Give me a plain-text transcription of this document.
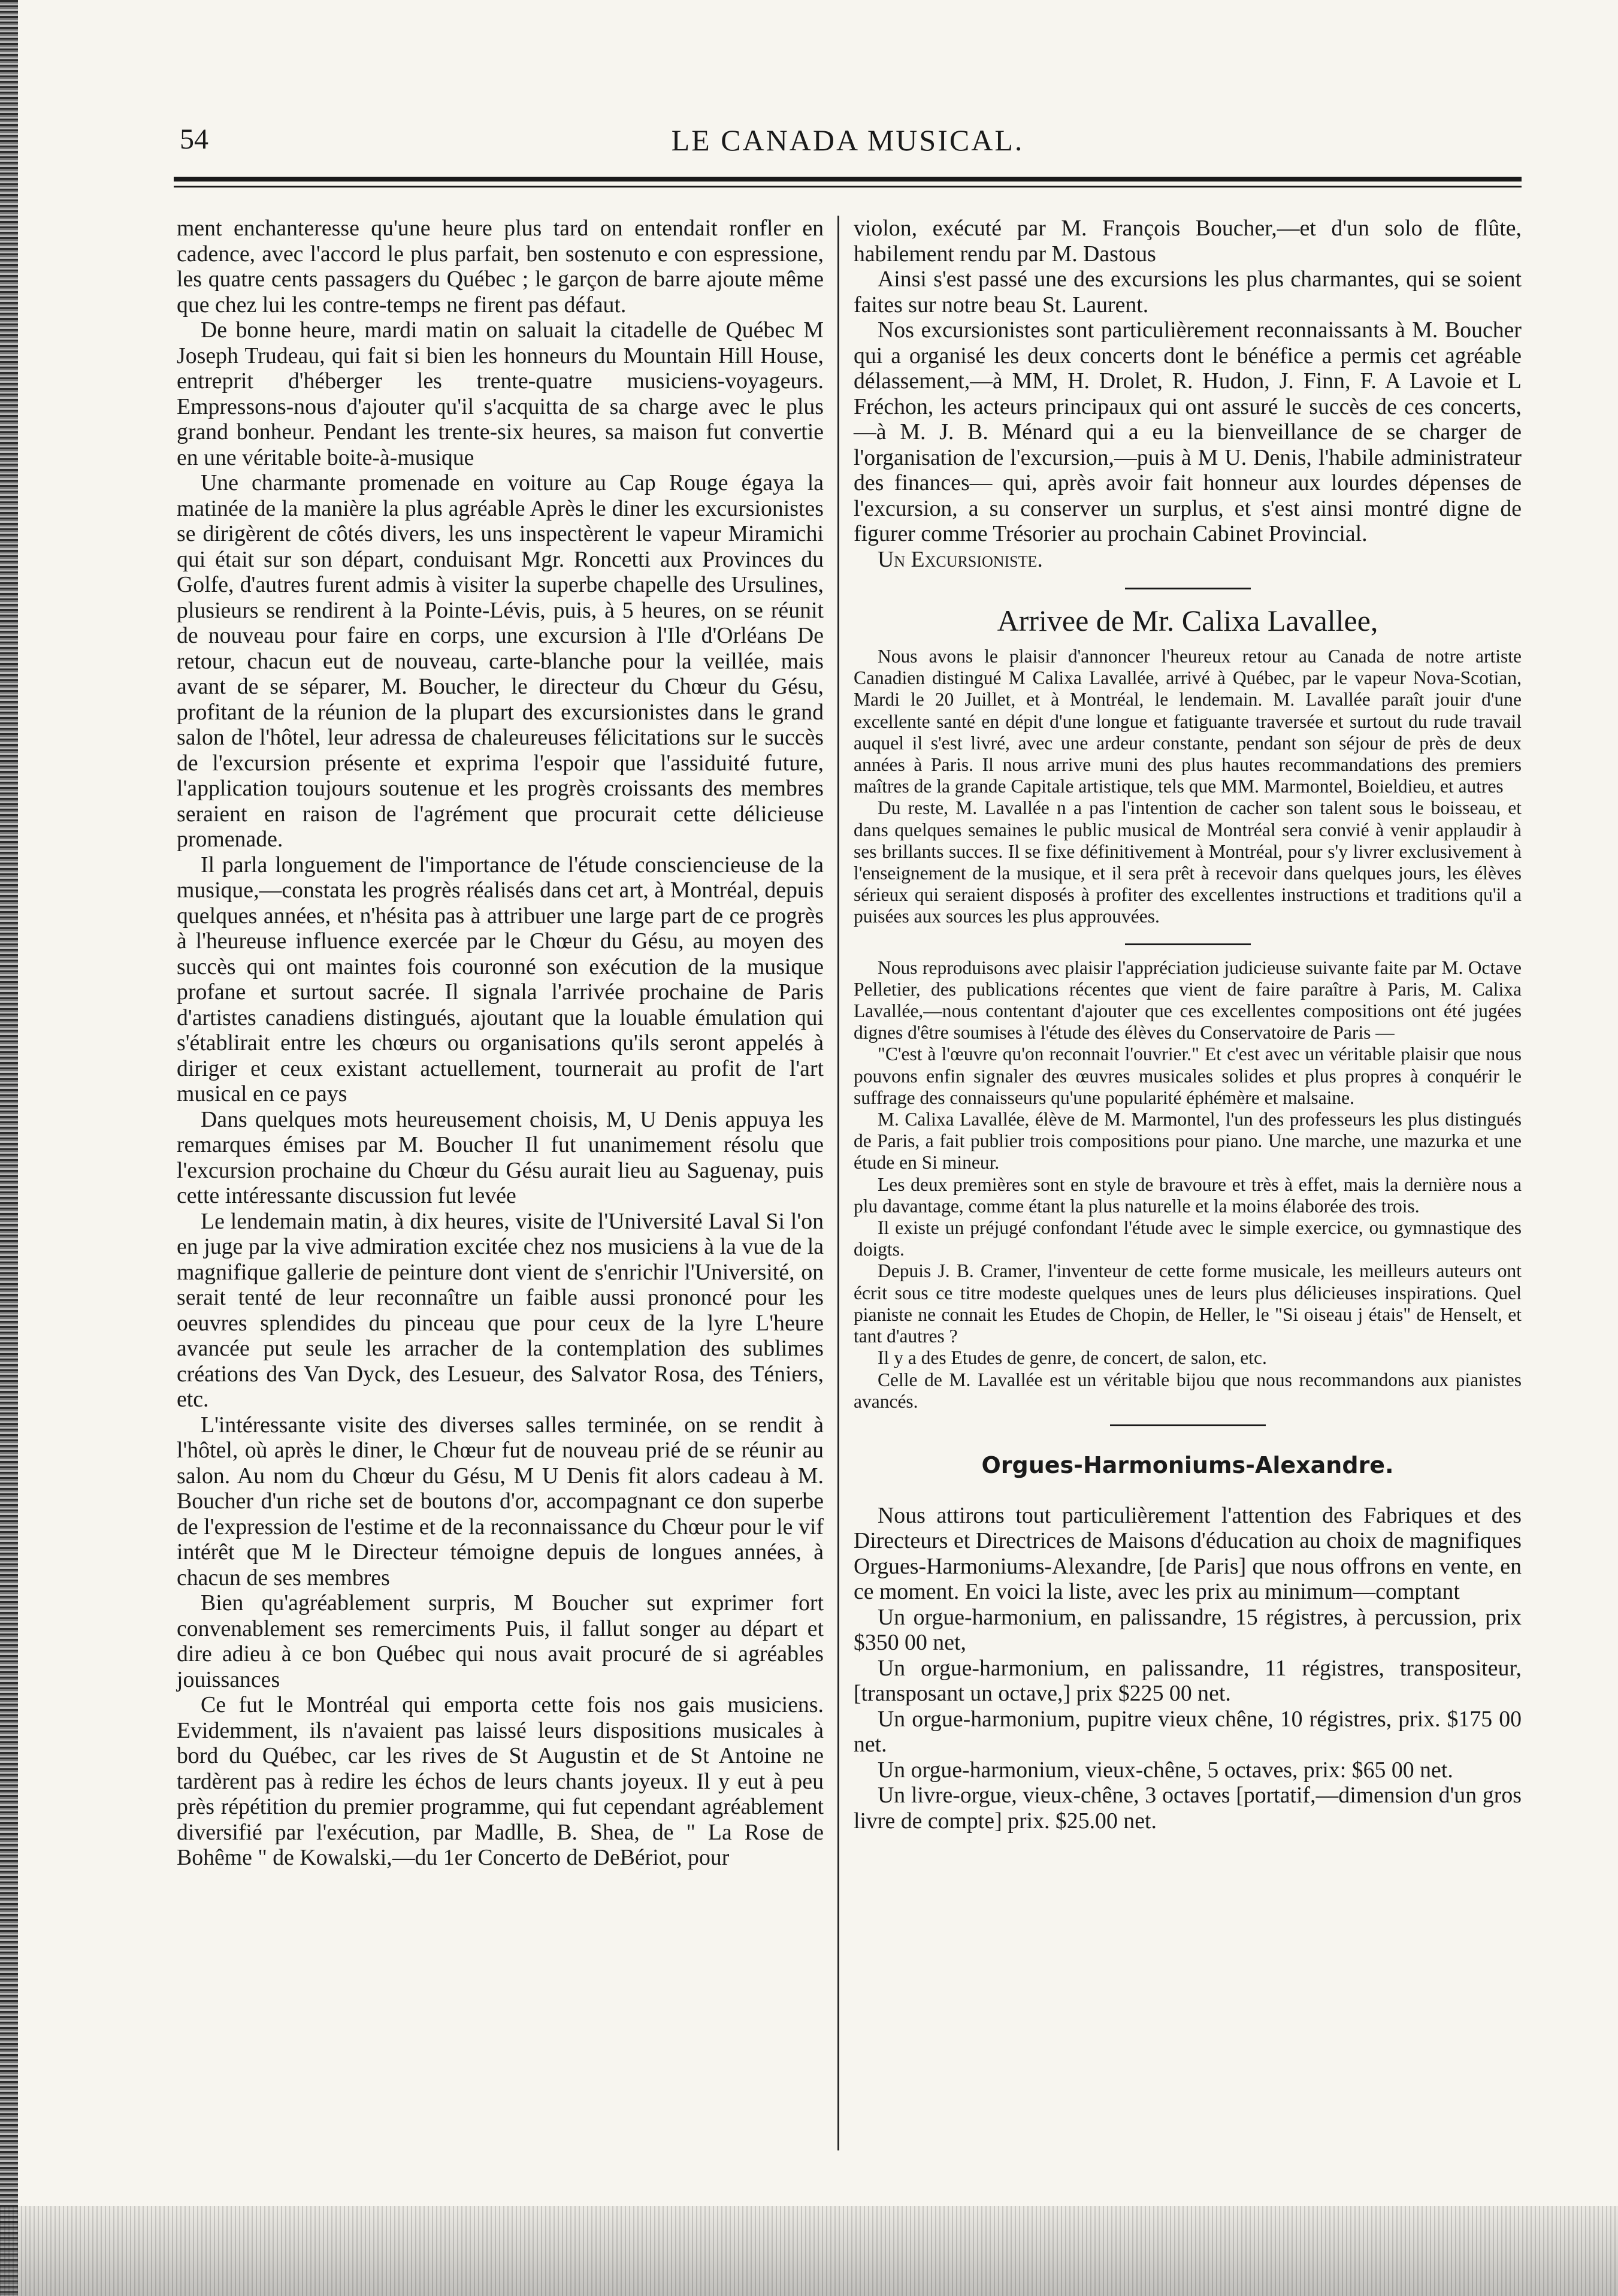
54	LE CANADA MUSICAL.

ment enchanteresse qu'une heure plus tard on entendait ronfler en cadence, avec l'accord le plus parfait, ben sostenuto e con espressione, les quatre cents passagers du Québec ; le garçon de barre ajoute même que chez lui les contre-temps ne firent pas défaut.

De bonne heure, mardi matin on saluait la citadelle de Québec M Joseph Trudeau, qui fait si bien les honneurs du Mountain Hill House, entreprit d'héberger les trente-quatre musiciens-voyageurs. Empressons-nous d'ajouter qu'il s'acquitta de sa charge avec le plus grand bonheur. Pendant les trente-six heures, sa maison fut convertie en une véritable boite-à-musique

Une charmante promenade en voiture au Cap Rouge égaya la matinée de la manière la plus agréable Après le diner les excursionistes se dirigèrent de côtés divers, les uns inspectèrent le vapeur Miramichi qui était sur son départ, conduisant Mgr. Roncetti aux Provinces du Golfe, d'autres furent admis à visiter la superbe chapelle des Ursulines, plusieurs se rendirent à la Pointe-Lévis, puis, à 5 heures, on se réunit de nouveau pour faire en corps, une excursion à l'Ile d'Orléans De retour, chacun eut de nouveau, carte-blanche pour la veillée, mais avant de se séparer, M. Boucher, le directeur du Chœur du Gésu, profitant de la réunion de la plupart des excursionistes dans le grand salon de l'hôtel, leur adressa de chaleureuses félicitations sur le succès de l'excursion présente et exprima l'espoir que l'assiduité future, l'application toujours soutenue et les progrès croissants des membres seraient en raison de l'agrément que procurait cette délicieuse promenade.

Il parla longuement de l'importance de l'étude consciencieuse de la musique,—constata les progrès réalisés dans cet art, à Montréal, depuis quelques années, et n'hésita pas à attribuer une large part de ce progrès à l'heureuse influence exercée par le Chœur du Gésu, au moyen des succès qui ont maintes fois couronné son exécution de la musique profane et surtout sacrée. Il signala l'arrivée prochaine de Paris d'artistes canadiens distingués, ajoutant que la louable émulation qui s'établirait entre les chœurs ou organisations qu'ils seront appelés à diriger et ceux existant actuellement, tournerait au profit de l'art musical en ce pays

Dans quelques mots heureusement choisis, M, U Denis appuya les remarques émises par M. Boucher Il fut unanimement résolu que l'excursion prochaine du Chœur du Gésu aurait lieu au Saguenay, puis cette intéressante discussion fut levée

Le lendemain matin, à dix heures, visite de l'Université Laval Si l'on en juge par la vive admiration excitée chez nos musiciens à la vue de la magnifique gallerie de peinture dont vient de s'enrichir l'Université, on serait tenté de leur reconnaître un faible aussi prononcé pour les oeuvres splendides du pinceau que pour ceux de la lyre L'heure avancée put seule les arracher de la contemplation des sublimes créations des Van Dyck, des Lesueur, des Salvator Rosa, des Téniers, etc.

L'intéressante visite des diverses salles terminée, on se rendit à l'hôtel, où après le diner, le Chœur fut de nouveau prié de se réunir au salon. Au nom du Chœur du Gésu, M U Denis fit alors cadeau à M. Boucher d'un riche set de boutons d'or, accompagnant ce don superbe de l'expression de l'estime et de la reconnaissance du Chœur pour le vif intérêt que M le Directeur témoigne depuis de longues années, à chacun de ses membres

Bien qu'agréablement surpris, M Boucher sut exprimer fort convenablement ses remerciments Puis, il fallut songer au départ et dire adieu à ce bon Québec qui nous avait procuré de si agréables jouissances

Ce fut le Montréal qui emporta cette fois nos gais musiciens. Evidemment, ils n'avaient pas laissé leurs dispositions musicales à bord du Québec, car les rives de St Augustin et de St Antoine ne tardèrent pas à redire les échos de leurs chants joyeux. Il y eut à peu près répétition du premier programme, qui fut cependant agréablement diversifié par l'exécution, par Madlle, B. Shea, de " La Rose de Bohême " de Kowalski,—du 1er Concerto de DeBériot, pour

violon, exécuté par M. François Boucher,—et d'un solo de flûte, habilement rendu par M. Dastous

Ainsi s'est passé une des excursions les plus charmantes, qui se soient faites sur notre beau St. Laurent.

Nos excursionistes sont particulièrement reconnaissants à M. Boucher qui a organisé les deux concerts dont le bénéfice a permis cet agréable délassement,—à MM, H. Drolet, R. Hudon, J. Finn, F. A Lavoie et L Fréchon, les acteurs principaux qui ont assuré le succès de ces concerts,—à M. J. B. Ménard qui a eu la bienveillance de se charger de l'organisation de l'excursion,—puis à M U. Denis, l'habile administrateur des finances— qui, après avoir fait honneur aux lourdes dépenses de l'excursion, a su conserver un surplus, et s'est ainsi montré digne de figurer comme Trésorier au prochain Cabinet Provincial.

Un Excursioniste.

Arrivee de Mr. Calixa Lavallee,

Nous avons le plaisir d'annoncer l'heureux retour au Canada de notre artiste Canadien distingué M Calixa Lavallée, arrivé à Québec, par le vapeur Nova-Scotian, Mardi le 20 Juillet, et à Montréal, le lendemain. M. Lavallée paraît jouir d'une excellente santé en dépit d'une longue et fatiguante traversée et surtout du rude travail auquel il s'est livré, avec une ardeur constante, pendant son séjour de près de deux années à Paris. Il nous arrive muni des plus hautes recommandations des premiers maîtres de la grande Capitale artistique, tels que MM. Marmontel, Boieldieu, et autres

Du reste, M. Lavallée n a pas l'intention de cacher son talent sous le boisseau, et dans quelques semaines le public musical de Montréal sera convié à venir applaudir à ses brillants succes. Il se fixe définitivement à Montréal, pour s'y livrer exclusivement à l'enseignement de la musique, et il sera prêt à recevoir dans quelques jours, les élèves sérieux qui seraient disposés à profiter des excellentes instructions et traditions qu'il a puisées aux sources les plus approuvées.

Nous reproduisons avec plaisir l'appréciation judicieuse suivante faite par M. Octave Pelletier, des publications récentes que vient de faire paraître à Paris, M. Calixa Lavallée,—nous contentant d'ajouter que ces excellentes compositions ont été jugées dignes d'être soumises à l'étude des élèves du Conservatoire de Paris —

"C'est à l'œuvre qu'on reconnait l'ouvrier." Et c'est avec un véritable plaisir que nous pouvons enfin signaler des œuvres musicales solides et plus propres à conquérir le suffrage des connaisseurs qu'une popularité éphémère et malsaine.

M. Calixa Lavallée, élève de M. Marmontel, l'un des professeurs les plus distingués de Paris, a fait publier trois compositions pour piano. Une marche, une mazurka et une étude en Si mineur.

Les deux premières sont en style de bravoure et très à effet, mais la dernière nous a plu davantage, comme étant la plus naturelle et la moins élaborée des trois.

Il existe un préjugé confondant l'étude avec le simple exercice, ou gymnastique des doigts.

Depuis J. B. Cramer, l'inventeur de cette forme musicale, les meilleurs auteurs ont écrit sous ce titre modeste quelques unes de leurs plus délicieuses inspirations. Quel pianiste ne connait les Etudes de Chopin, de Heller, le "Si oiseau j étais" de Henselt, et tant d'autres ?

Il y a des Etudes de genre, de concert, de salon, etc.

Celle de M. Lavallée est un véritable bijou que nous recommandons aux pianistes avancés.

Orgues-Harmoniums-Alexandre.

Nous attirons tout particulièrement l'attention des Fabriques et des Directeurs et Directrices de Maisons d'éducation au choix de magnifiques Orgues-Harmoniums-Alexandre, [de Paris] que nous offrons en vente, en ce moment. En voici la liste, avec les prix au minimum—comptant

Un orgue-harmonium, en palissandre, 15 régistres, à percussion, prix $350 00 net,

Un orgue-harmonium, en palissandre, 11 régistres, transpositeur, [transposant un octave,] prix $225 00 net.

Un orgue-harmonium, pupitre vieux chêne, 10 régistres, prix. $175 00 net.

Un orgue-harmonium, vieux-chêne, 5 octaves, prix: $65 00 net.

Un livre-orgue, vieux-chêne, 3 octaves [portatif,—dimension d'un gros livre de compte] prix. $25.00 net.
